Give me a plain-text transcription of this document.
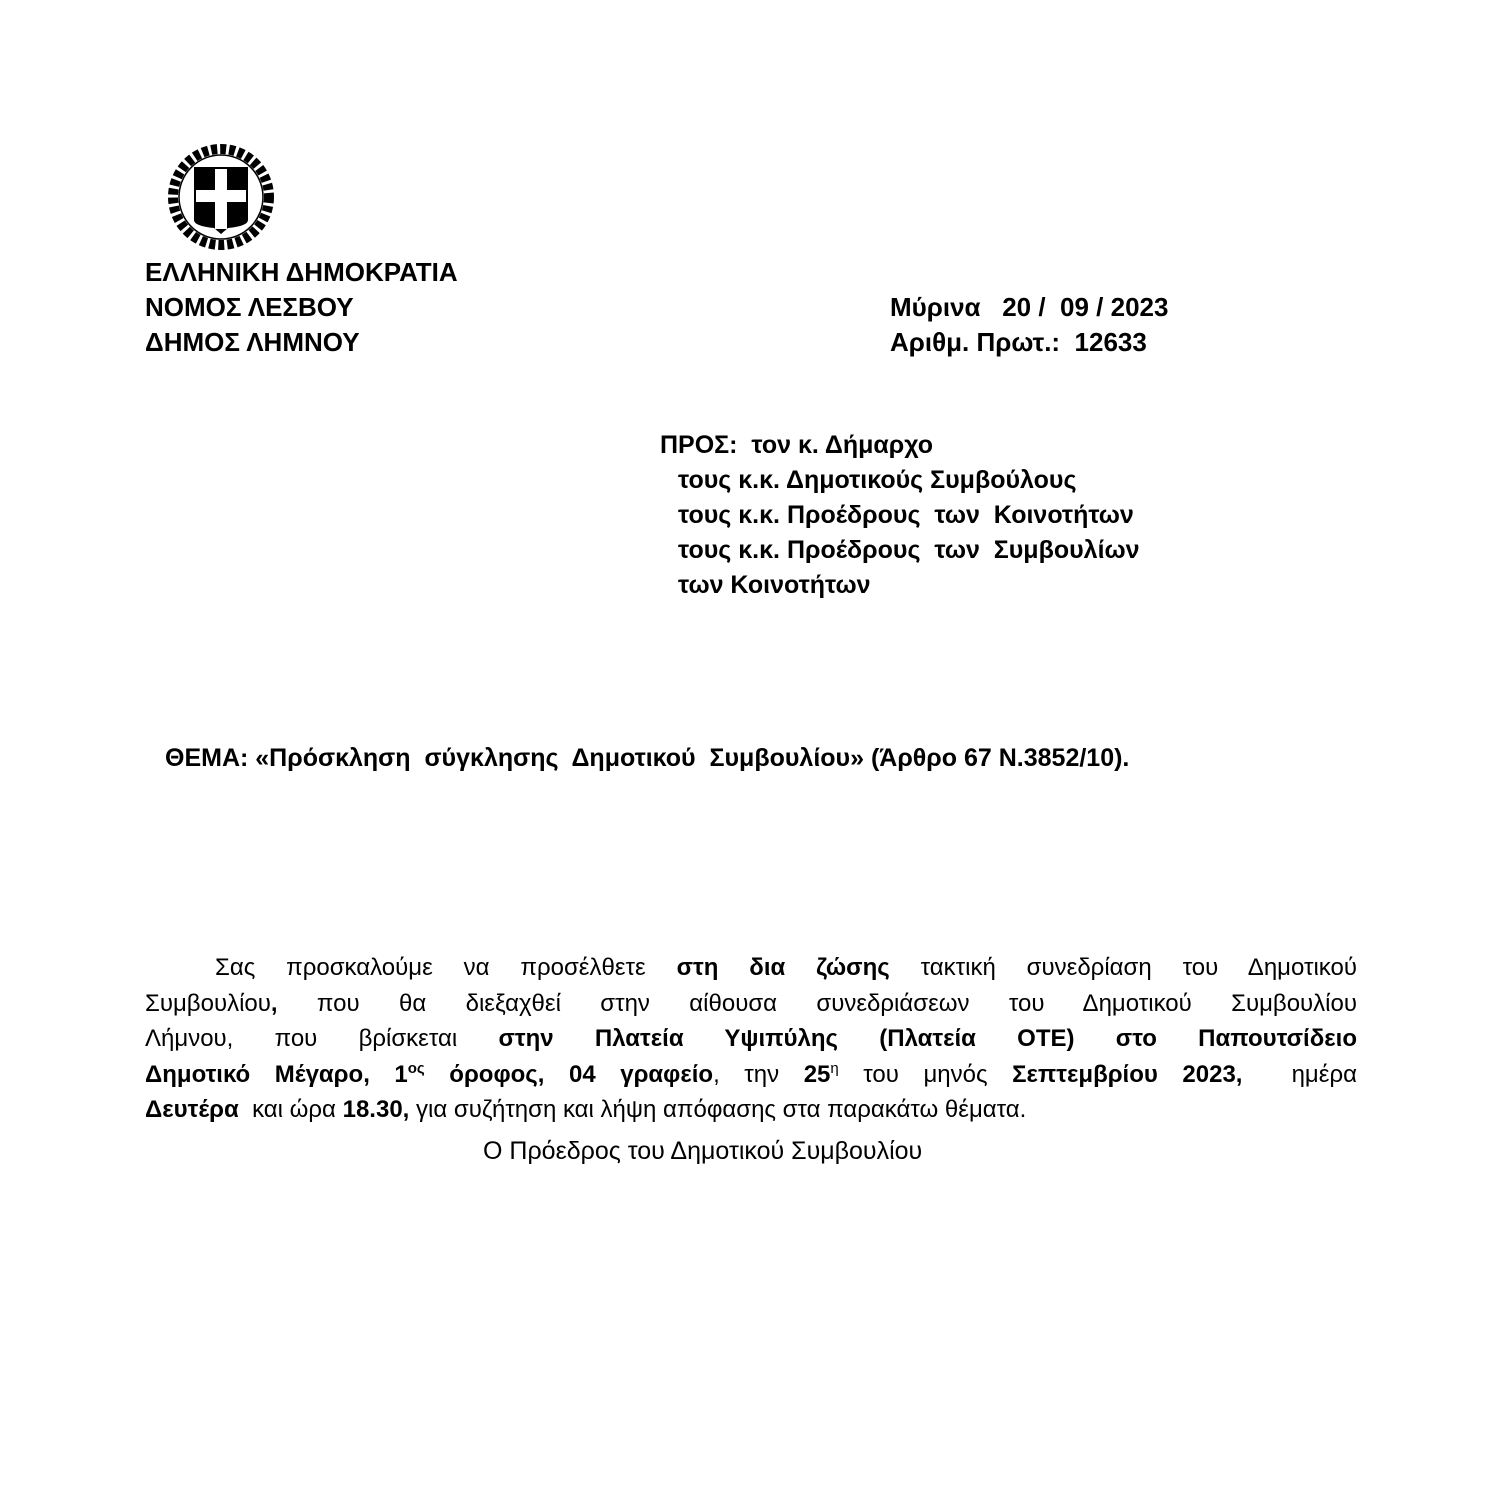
ΕΛΛΗΝΙΚΗ ΔΗΜΟΚΡΑΤΙΑ
ΝΟΜΟΣ ΛΕΣΒΟΥ
ΔΗΜΟΣ ΛΗΜΝΟΥ
Μύρινα   20 /  09 / 2023
Αριθμ. Πρωτ.:  12633
ΠΡΟΣ:  τον κ. Δήμαρχο
τους κ.κ. Δημοτικούς Συμβούλους
τους κ.κ. Προέδρους  των  Κοινοτήτων
τους κ.κ. Προέδρους  των  Συμβουλίων
των Κοινοτήτων
ΘΕΜΑ: «Πρόσκληση  σύγκλησης  Δημοτικού  Συμβουλίου» (Άρθρο 67 Ν.3852/10).
Σας προσκαλούμε να προσέλθετε στη δια ζώσης τακτική συνεδρίαση του Δημοτικού
Συμβουλίου, που θα διεξαχθεί στην αίθουσα συνεδριάσεων του Δημοτικού Συμβουλίου
Λήμνου, που βρίσκεται στην Πλατεία Υψιπύλης (Πλατεία ΟΤΕ) στο Παπουτσίδειο
Δημοτικό Μέγαρο, $1^{o\varsigma}$ όροφος, 04 γραφείο, την $25^\eta$ του μηνός Σεπτεμβρίου 2023,  ημέρα
Δευτέρα  και ώρα 18.30, για συζήτηση και λήψη απόφασης στα παρακάτω θέματα.
Ο Πρόεδρος του Δημοτικού Συμβουλίου
